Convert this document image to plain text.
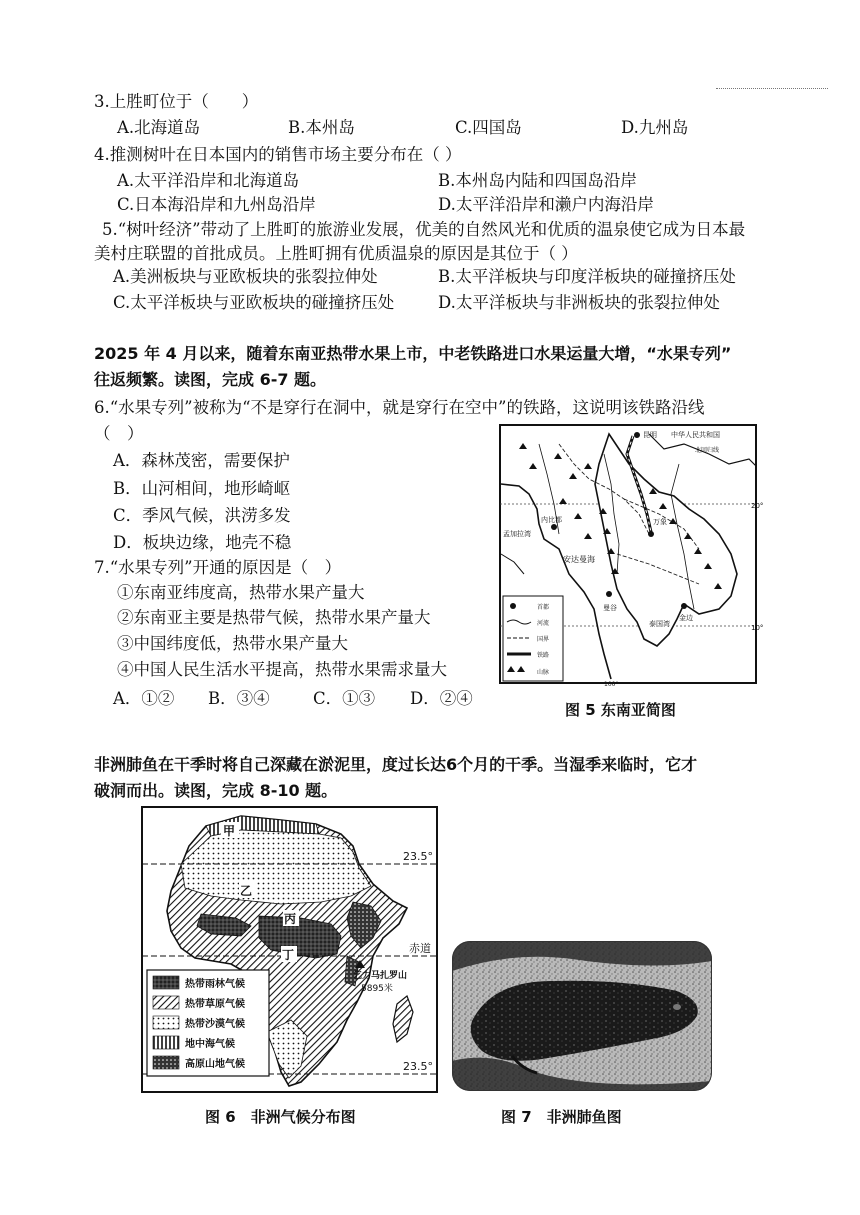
3.上胜町位于（　　）
A.北海道岛	B.本州岛	C.四国岛	D.九州岛
4.推测树叶在日本国内的销售市场主要分布在（ ）
A.太平洋沿岸和北海道岛	B.本州岛内陆和四国岛沿岸
C.日本海沿岸和九州岛沿岸	D.太平洋沿岸和濑户内海沿岸
5.“树叶经济”带动了上胜町的旅游业发展，优美的自然风光和优质的温泉使它成为日本最
美村庄联盟的首批成员。上胜町拥有优质温泉的原因是其位于（ ）
A.美洲板块与亚欧板块的张裂拉伸处	B.太平洋板块与印度洋板块的碰撞挤压处
C.太平洋板块与亚欧板块的碰撞挤压处	D.太平洋板块与非洲板块的张裂拉伸处
2025 年 4 月以来，随着东南亚热带水果上市，中老铁路进口水果运量大增，“水果专列”
往返频繁。读图，完成 6-7 题。
6.“水果专列”被称为“不是穿行在洞中，就是穿行在空中”的铁路，这说明该铁路沿线
（　）
A．森林茂密，需要保护
B．山河相间，地形崎岖
C．季风气候，洪涝多发
D．板块边缘，地壳不稳
7.“水果专列”开通的原因是（　）
①东南亚纬度高，热带水果产量大
②东南亚主要是热带气候，热带水果产量大
③中国纬度低，热带水果产量大
④中国人民生活水平提高，热带水果需求量大
A．①② B．③④	C．①③ D．②④
昆明 中华人民共和国
北回归线
万象
内比都
孟加拉湾
安达曼海
曼谷
金边
泰国湾
20°
10°
100°
首都
河流
国界
铁路
山脉
图 5 东南亚简图
非洲肺鱼在干季时将自己深藏在淤泥里，度过长达6个月的干季。当湿季来临时，它才
破洞而出。读图，完成 8-10 题。
23.5°
赤道
23.5°
甲
乙
丙
丁
乞力马扎罗山
5895米
热带雨林气候
热带草原气候
热带沙漠气候
地中海气候
高原山地气候
图 6　非洲气候分布图	图 7　非洲肺鱼图
